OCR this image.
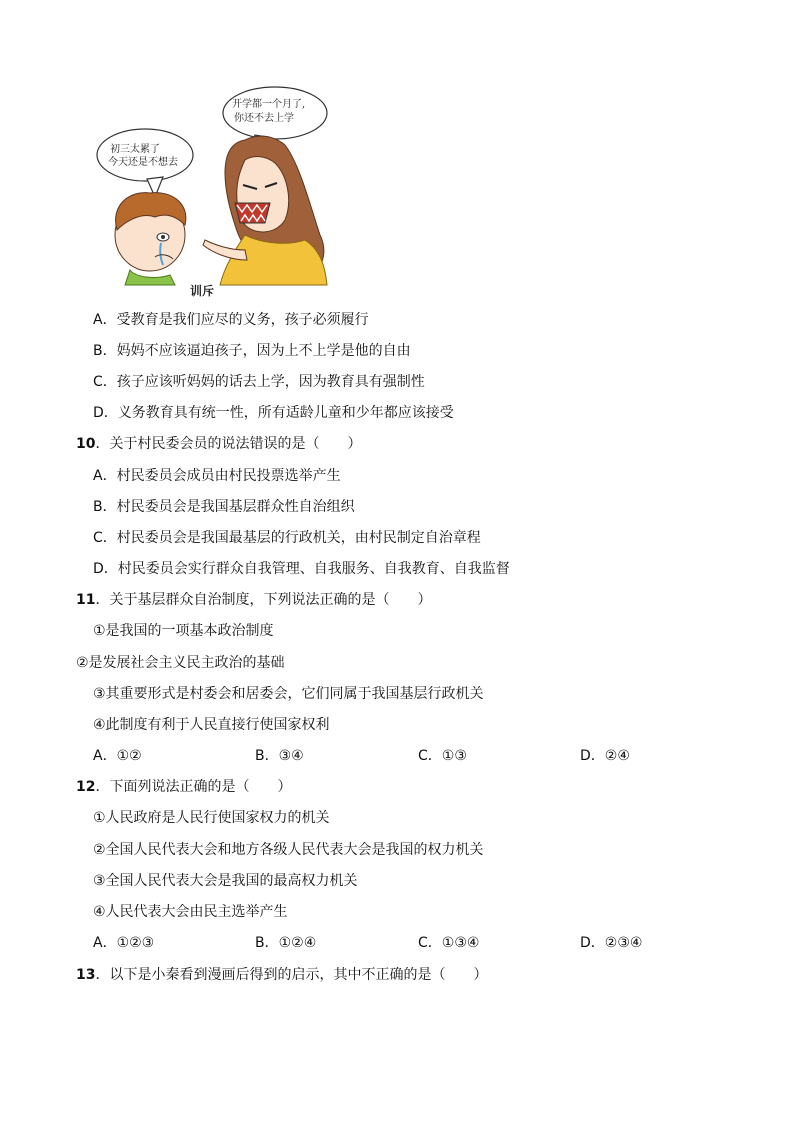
开学都一个月了,
你还不去上学
初三太累了
今天还是不想去
训斥
A．受教育是我们应尽的义务，孩子必须履行
B．妈妈不应该逼迫孩子，因为上不上学是他的自由
C．孩子应该听妈妈的话去上学，因为教育具有强制性
D．义务教育具有统一性，所有适龄儿童和少年都应该接受
10．关于村民委会员的说法错误的是（　　）
A．村民委员会成员由村民投票选举产生
B．村民委员会是我国基层群众性自治组织
C．村民委员会是我国最基层的行政机关，由村民制定自治章程
D．村民委员会实行群众自我管理、自我服务、自我教育、自我监督
11．关于基层群众自治制度，下列说法正确的是（　　）
①是我国的一项基本政治制度
②是发展社会主义民主政治的基础
③其重要形式是村委会和居委会，它们同属于我国基层行政机关
④此制度有利于人民直接行使国家权利
A．①②	B．③④	C．①③	D．②④
12．下面列说法正确的是（　　）
①人民政府是人民行使国家权力的机关
②全国人民代表大会和地方各级人民代表大会是我国的权力机关
③全国人民代表大会是我国的最高权力机关
④人民代表大会由民主选举产生
A．①②③	B．①②④	C．①③④	D．②③④
13．以下是小秦看到漫画后得到的启示，其中不正确的是（　　）
